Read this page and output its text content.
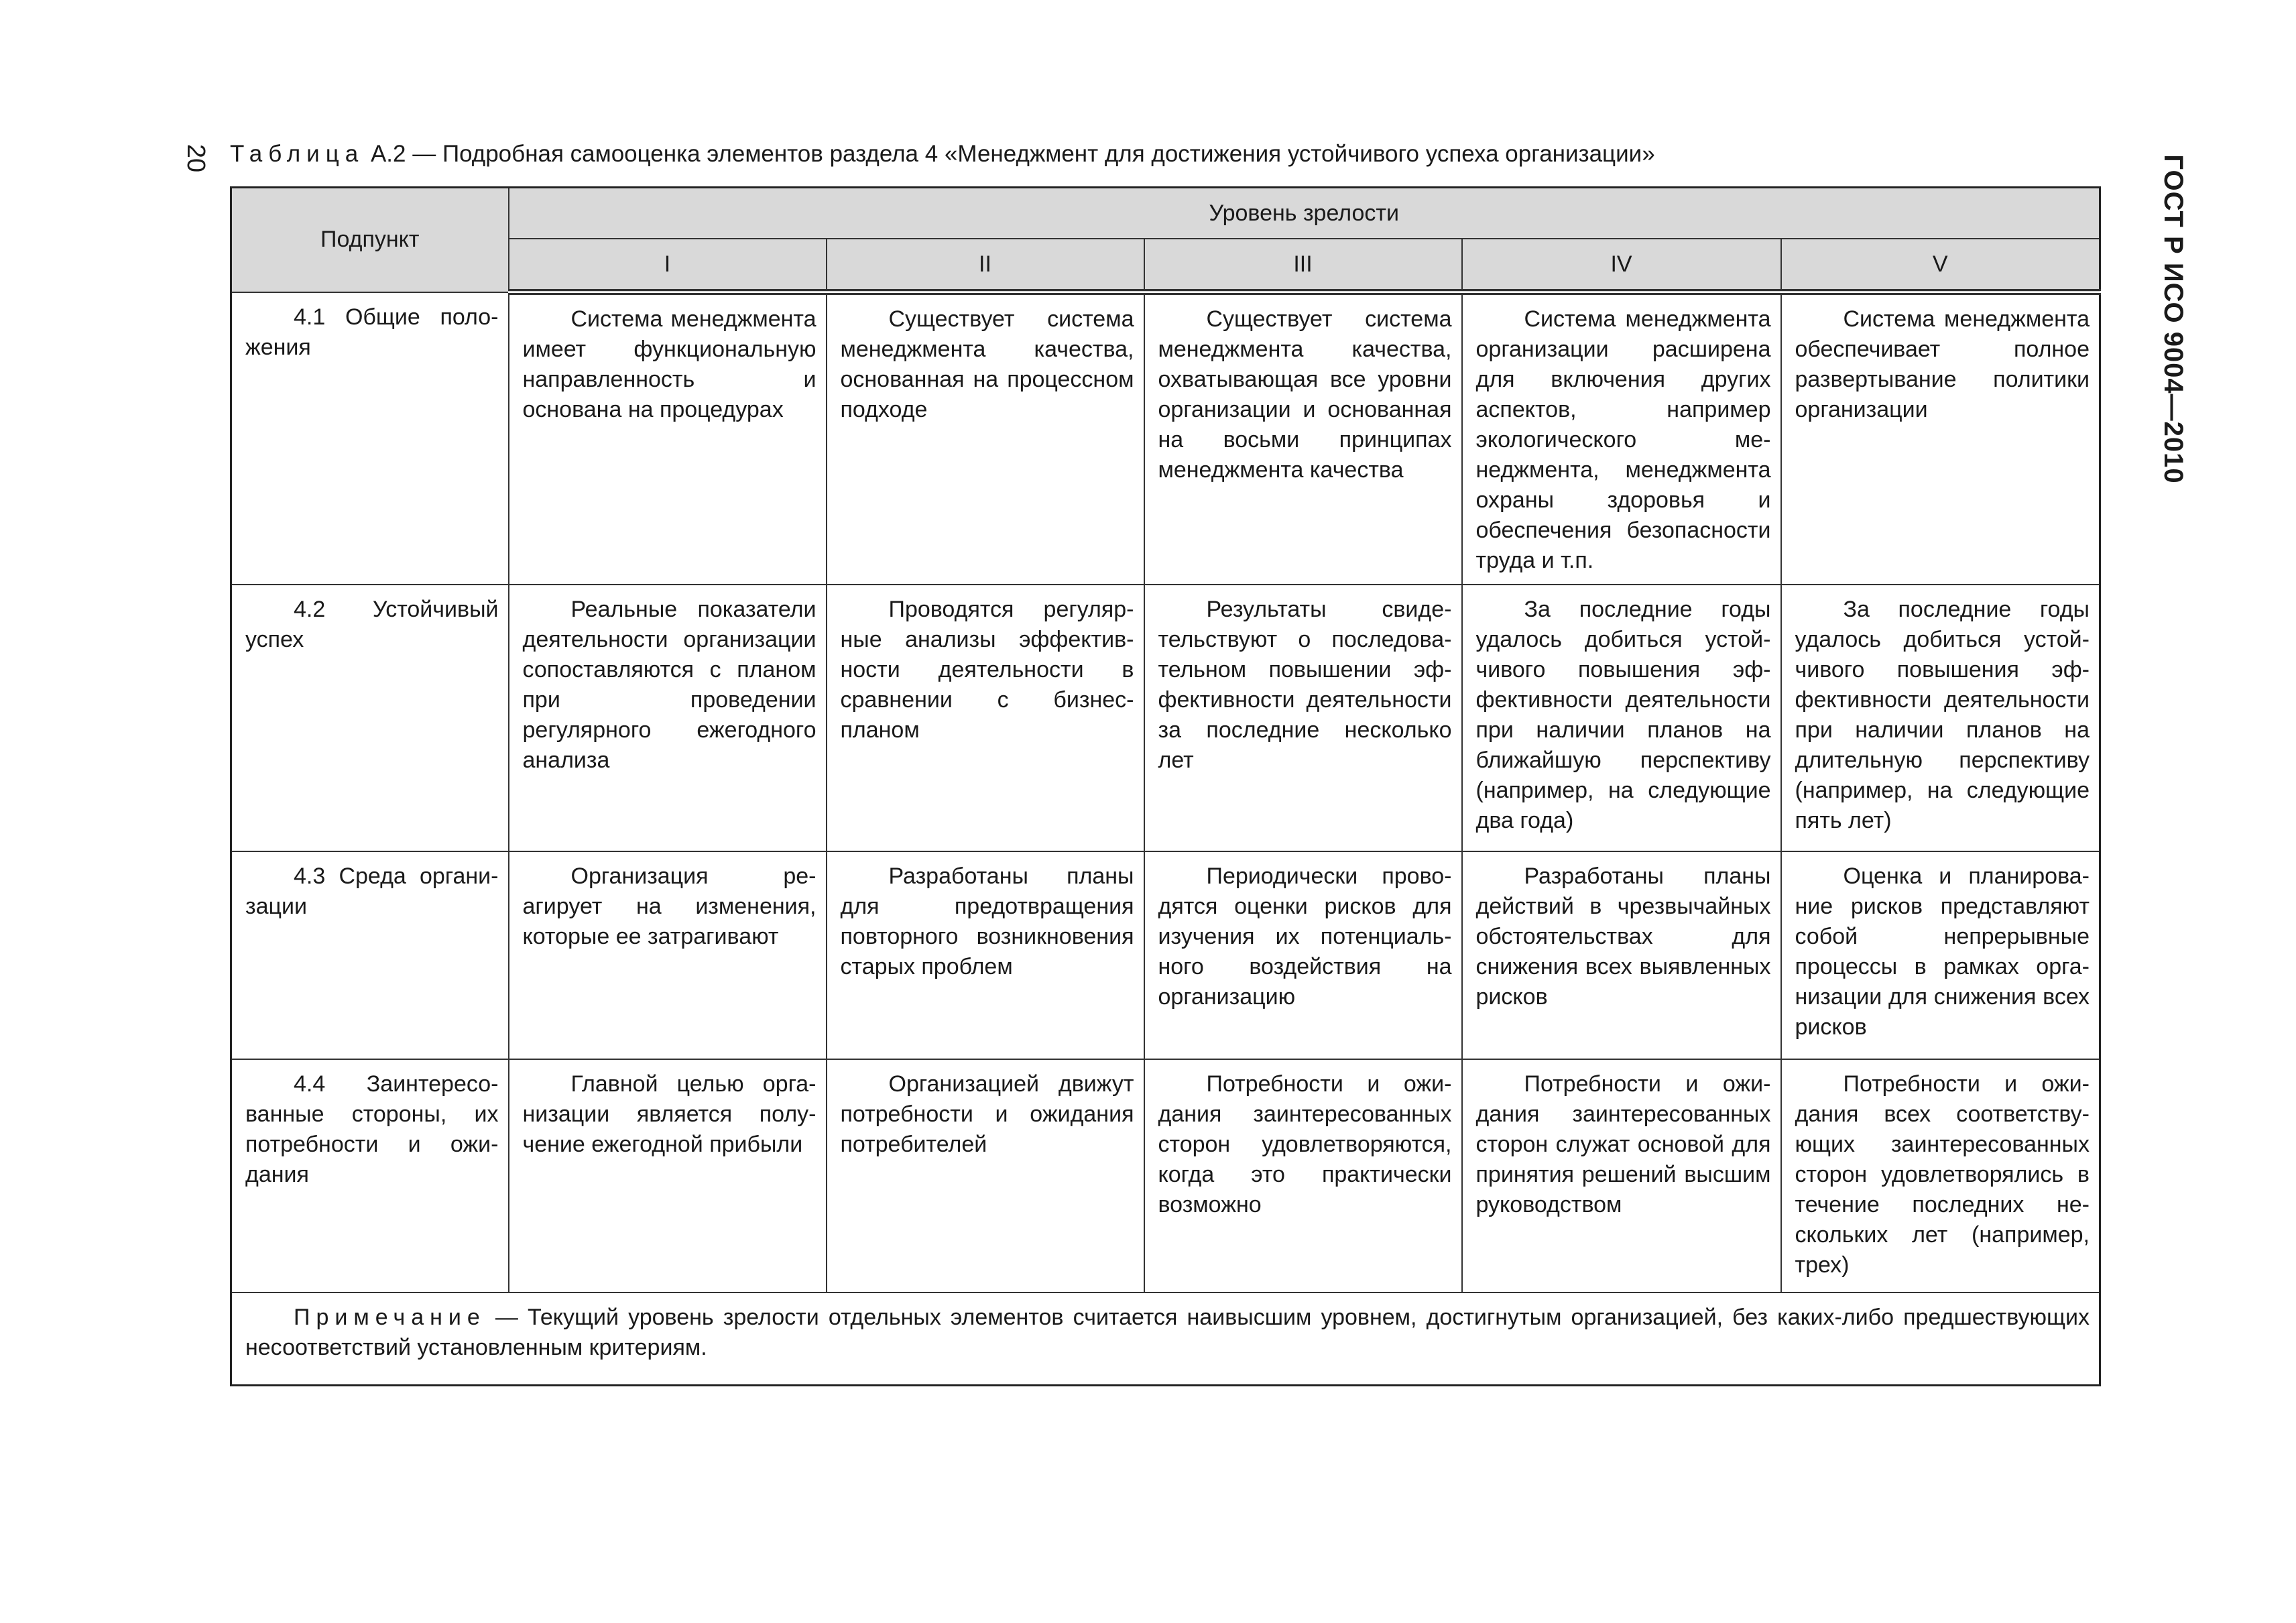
20	ГОСТ Р ИСО 9004—2010
Таблица А.2 — Подробная самооценка элементов раздела 4 «Менеджмент для достижения устойчивого успеха организации»
Подпункт	Уровень зрелости				
	I	II	III	IV	V
4.1 Общие положения	Система менеджмента имеет функциональную направленность и основана на процедурах	Существует система менеджмента качества, основанная на процессном подходе	Существует система менеджмента качества, охватывающая все уровни организации и основанная на восьми принципах менеджмента качества	Система менеджмента организации расширена для включения других аспектов, например экологического менеджмента, менеджмента охраны здоровья и обеспечения безопасности труда и т.п.	Система менеджмента обеспечивает полное развертывание политики организации
4.2 Устойчивый успех	Реальные показатели деятельности организации сопоставляются с планом при проведении регулярного ежегодного анализа	Проводятся регулярные анализы эффективности деятельности в сравнении с бизнес-планом	Результаты свидетельствуют о последовательном повышении эффективности деятельности за последние несколько лет	За последние годы удалось добиться устойчивого повышения эффективности деятельности при наличии планов на ближайшую перспективу (например, на следующие два года)	За последние годы удалось добиться устойчивого повышения эффективности деятельности при наличии планов на длительную перспективу (например, на следующие пять лет)
4.3 Среда организации	Организация реагирует на изменения, которые ее затрагивают	Разработаны планы для предотвращения повторного возникновения старых проблем	Периодически проводятся оценки рисков для изучения их потенциального воздействия на организацию	Разработаны планы действий в чрезвычайных обстоятельствах для снижения всех выявленных рисков	Оценка и планирование рисков представляют собой непрерывные процессы в рамках организации для снижения всех рисков
4.4 Заинтересованные стороны, их потребности и ожидания	Главной целью организации является получение ежегодной прибыли	Организацией движут потребности и ожидания потребителей	Потребности и ожидания заинтересованных сторон удовлетворяются, когда это практически возможно	Потребности и ожидания заинтересованных сторон служат основой для принятия решений высшим руководством	Потребности и ожидания всех соответствующих заинтересованных сторон удовлетворялись в течение последних нескольких лет (например, трех)
Примечание — Текущий уровень зрелости отдельных элементов считается наивысшим уровнем, достигнутым организацией, без каких-либо предшествующих несоответствий установленным критериям.					
